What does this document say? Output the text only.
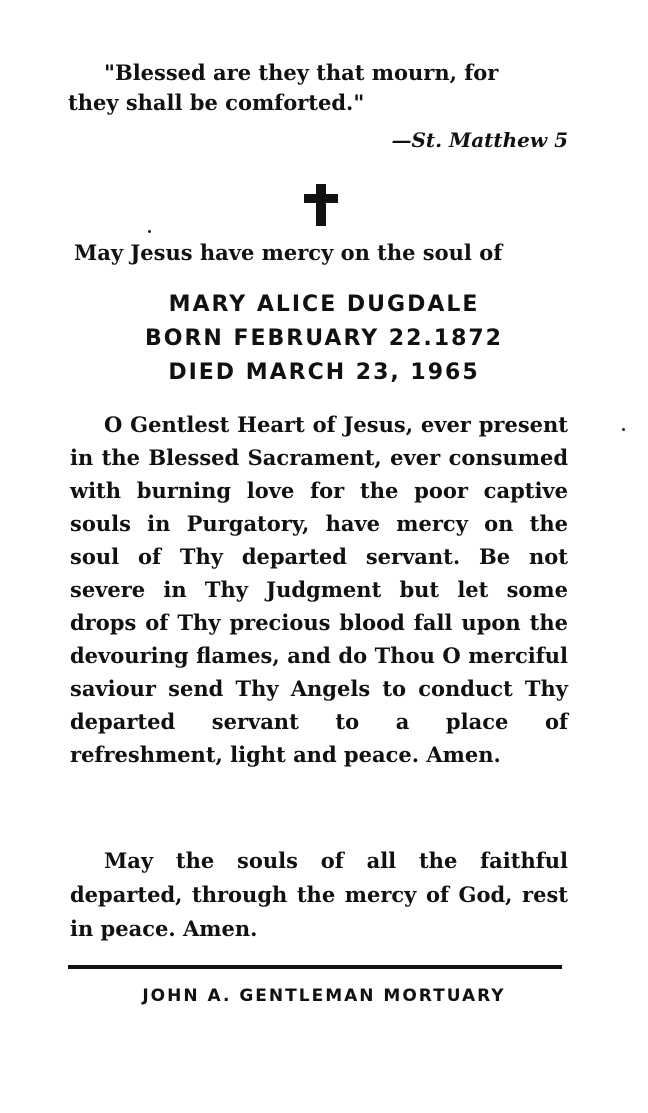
"Blessed are they that mourn, for
they shall be comforted."
—St. Matthew 5
May Jesus have mercy on the soul of
MARY ALICE DUGDALE
BORN FEBRUARY 22.1872
DIED MARCH 23, 1965
O Gentlest Heart of Jesus, ever present in the Blessed Sacrament, ever consumed with burning love for the poor captive souls in Purgatory, have mercy on the soul of Thy departed servant. Be not severe in Thy Judgment but let some drops of Thy precious blood fall upon the devouring flames, and do Thou O merciful saviour send Thy Angels to conduct Thy departed servant to a place of refreshment, light and peace. Amen.
May the souls of all the faithful departed, through the mercy of God, rest in peace. Amen.
JOHN A. GENTLEMAN MORTUARY
